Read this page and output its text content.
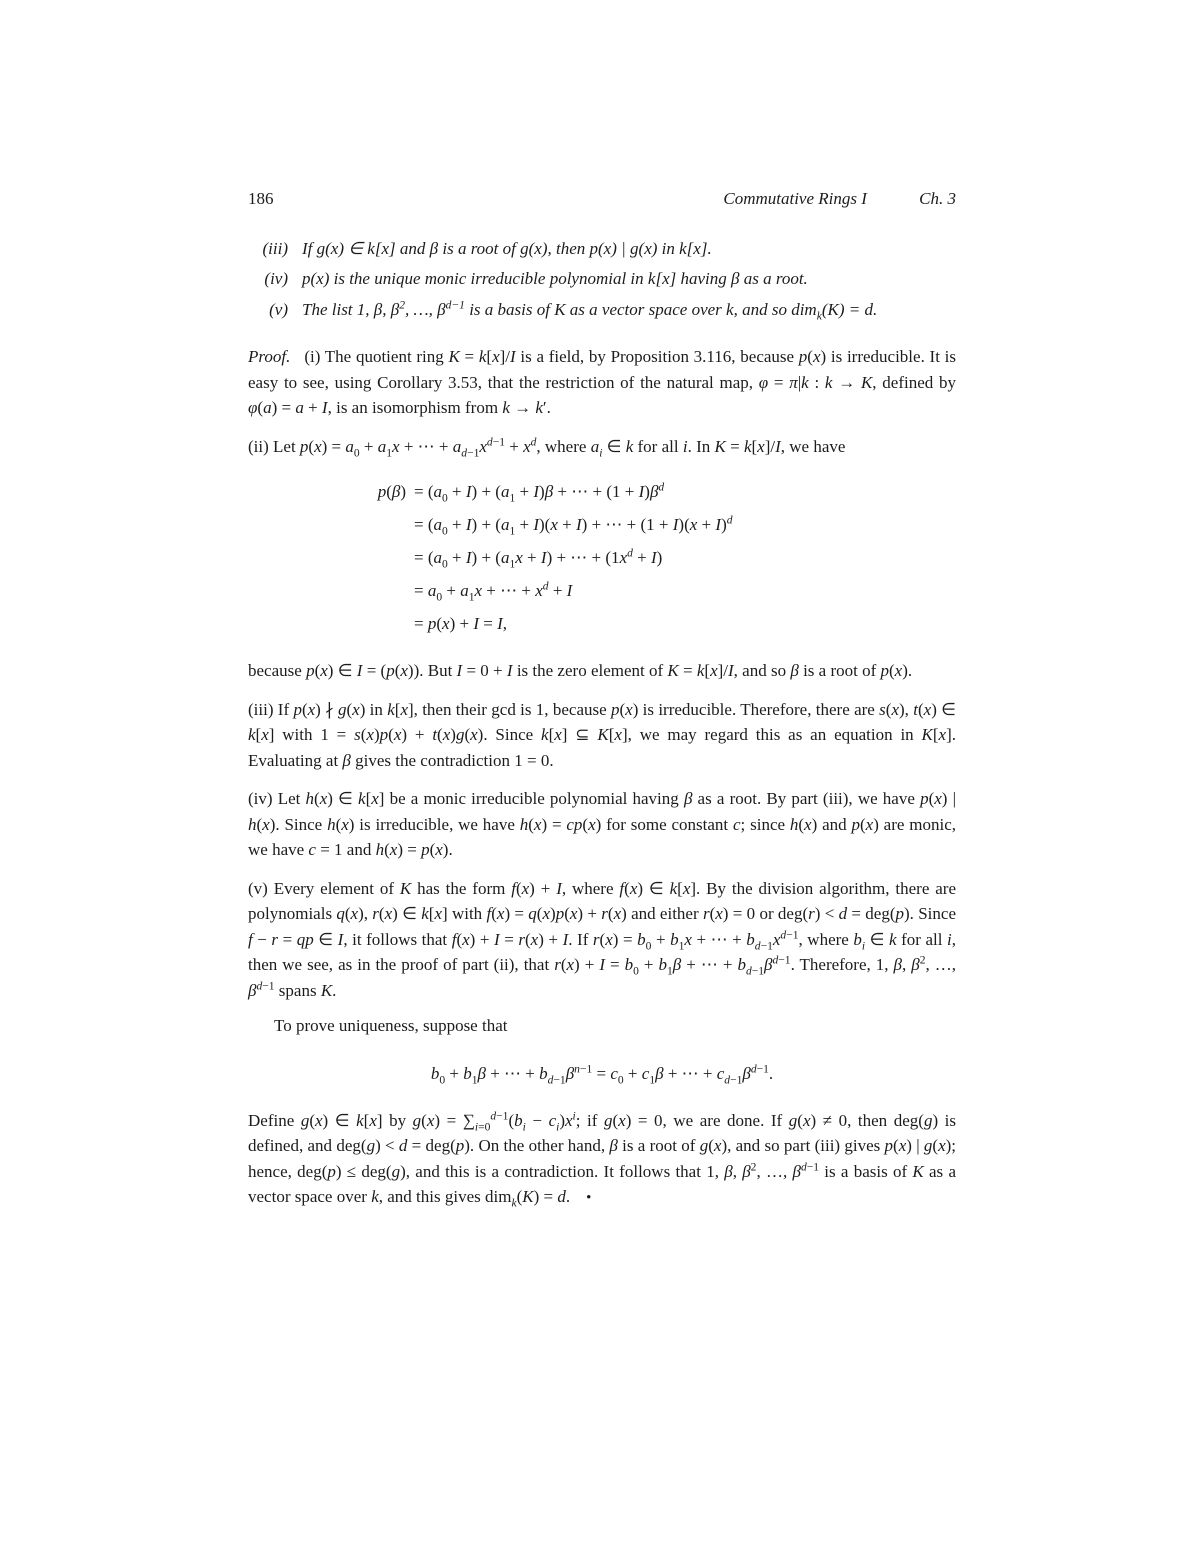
186	Commutative Rings I	Ch. 3
(iii) If g(x) ∈ k[x] and β is a root of g(x), then p(x) | g(x) in k[x].
(iv) p(x) is the unique monic irreducible polynomial in k[x] having β as a root.
(v) The list 1, β, $\beta^2$, …, $\beta^{d-1}$ is a basis of K as a vector space over k, and so dim$_k$(K) = d.

Proof. (i) The quotient ring K = k[x]/I is a field, by Proposition 3.116, because p(x) is irreducible. It is easy to see, using Corollary 3.53, that the restriction of the natural map, φ = π|k : k → K, defined by φ(a) = a + I, is an isomorphism from k → k′.

(ii) Let $p(x) = a_0 + a_1x$ + ⋯ + $a_{d-1}x^{d-1} + x^d$, where $a_i$ ∈ k for all i. In K = k[x]/I, we have

$p(\beta) = (a_0 + I) + (a_1 + I)\beta$ + ⋯ + $(1 + I)\beta^d$
= $(a_0 + I) + (a_1 + I)(x + I)$ + ⋯ + $(1 + I)(x + I)^d$
= $(a_0 + I) + (a_1x + I)$ + ⋯ + $(1x^d + I)$
= $a_0 + a_1x$ + ⋯ + $x^d + I$
= p(x) + I = I,

because p(x) ∈ I = (p(x)). But I = 0 + I is the zero element of K = k[x]/I, and so β is a root of p(x).

(iii) If p(x) ∤ g(x) in k[x], then their gcd is 1, because p(x) is irreducible. Therefore, there are s(x), t(x) ∈ k[x] with 1 = s(x)p(x) + t(x)g(x). Since k[x] ⊆ K[x], we may regard this as an equation in K[x]. Evaluating at β gives the contradiction 1 = 0.

(iv) Let h(x) ∈ k[x] be a monic irreducible polynomial having β as a root. By part (iii), we have p(x) | h(x). Since h(x) is irreducible, we have h(x) = cp(x) for some constant c; since h(x) and p(x) are monic, we have c = 1 and h(x) = p(x).

(v) Every element of K has the form f(x) + I, where f(x) ∈ k[x]. By the division algorithm, there are polynomials q(x), r(x) ∈ k[x] with f(x) = q(x)p(x) + r(x) and either r(x) = 0 or deg(r) < d = deg(p). Since f − r = qp ∈ I, it follows that f(x) + I = r(x) + I. If $r(x) = b_0 + b_1x$ + ⋯ + $b_{d-1}x^{d-1}$, where $b_i$ ∈ k for all i, then we see, as in the proof of part (ii), that $r(x) + I = b_0 + b_1\beta$ + ⋯ + $b_{d-1}\beta^{d-1}$. Therefore, 1, β, $\beta^2$, …, $\beta^{d-1}$ spans K.

To prove uniqueness, suppose that

$b_0 + b_1\beta$ + ⋯ + $b_{d-1}\beta^{n-1} = c_0 + c_1\beta$ + ⋯ + $c_{d-1}\beta^{d-1}$.

Define g(x) ∈ k[x] by $g(x) = \sum_{i=0}^{d-1}(b_i - c_i)x^i$; if g(x) = 0, we are done. If g(x) ≠ 0, then deg(g) is defined, and deg(g) < d = deg(p). On the other hand, β is a root of g(x), and so part (iii) gives p(x) | g(x); hence, deg(p) ≤ deg(g), and this is a contradiction. It follows that 1, β, $\beta^2$, …, $\beta^{d-1}$ is a basis of K as a vector space over k, and this gives dim$_k$(K) = d. •
